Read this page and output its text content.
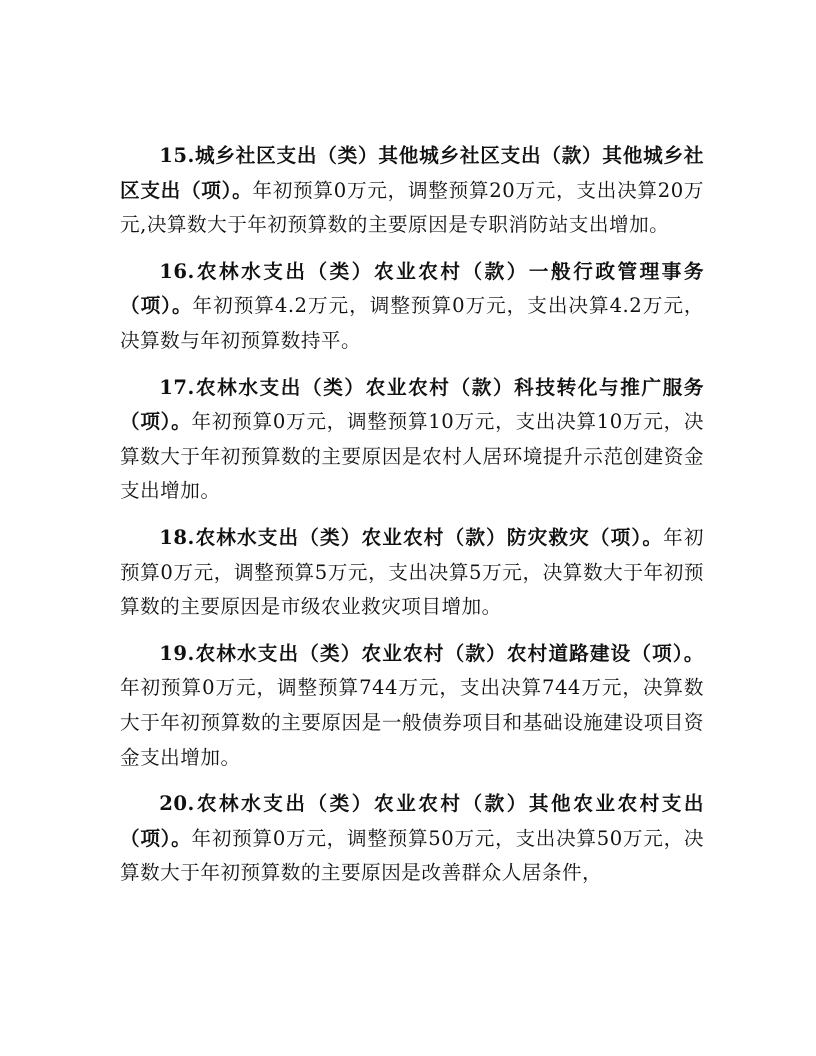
15.城乡社区支出（类）其他城乡社区支出（款）其他城乡社区支出（项）。年初预算0万元，调整预算20万元，支出决算20万元,决算数大于年初预算数的主要原因是专职消防站支出增加。

16.农林水支出（类）农业农村（款）一般行政管理事务（项）。年初预算4.2万元，调整预算0万元，支出决算4.2万元，决算数与年初预算数持平。

17.农林水支出（类）农业农村（款）科技转化与推广服务（项）。年初预算0万元，调整预算10万元，支出决算10万元，决算数大于年初预算数的主要原因是农村人居环境提升示范创建资金支出增加。

18.农林水支出（类）农业农村（款）防灾救灾（项）。年初预算0万元，调整预算5万元，支出决算5万元，决算数大于年初预算数的主要原因是市级农业救灾项目增加。

19.农林水支出（类）农业农村（款）农村道路建设（项）。年初预算0万元，调整预算744万元，支出决算744万元，决算数大于年初预算数的主要原因是一般债券项目和基础设施建设项目资金支出增加。

20.农林水支出（类）农业农村（款）其他农业农村支出（项）。年初预算0万元，调整预算50万元，支出决算50万元，决算数大于年初预算数的主要原因是改善群众人居条件，
